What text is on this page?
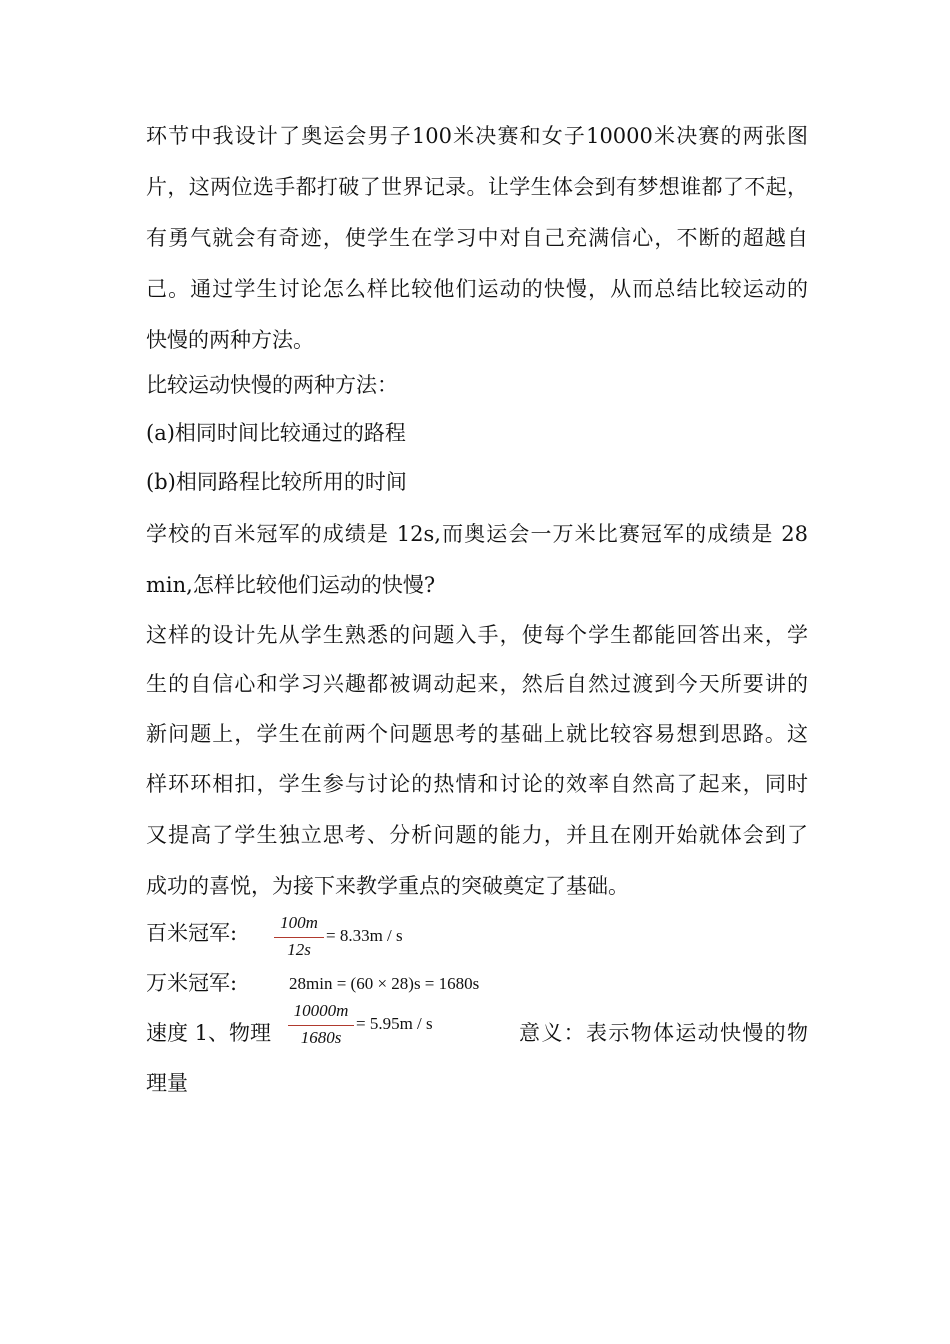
环节中我设计了奥运会男子100米决赛和女子10000米决赛的两张图
片，这两位选手都打破了世界记录。让学生体会到有梦想谁都了不起，
有勇气就会有奇迹，使学生在学习中对自己充满信心，不断的超越自
己。通过学生讨论怎么样比较他们运动的快慢，从而总结比较运动的
快慢的两种方法。
比较运动快慢的两种方法：
(a)相同时间比较通过的路程
(b)相同路程比较所用的时间
学校的百米冠军的成绩是 12s,而奥运会一万米比赛冠军的成绩是 28
min,怎样比较他们运动的快慢?
这样的设计先从学生熟悉的问题入手，使每个学生都能回答出来，学
生的自信心和学习兴趣都被调动起来，然后自然过渡到今天所要讲的
新问题上，学生在前两个问题思考的基础上就比较容易想到思路。这
样环环相扣，学生参与讨论的热情和讨论的效率自然高了起来，同时
又提高了学生独立思考、分析问题的能力，并且在刚开始就体会到了
成功的喜悦，为接下来教学重点的突破奠定了基础。
百米冠军:	100m
12s
= 8.33m / s
万米冠军:	28min = (60 × 28)s = 1680s
速度 1、物理
10000m
1680s
= 5.95m / s	意义：表示物体运动快慢的物
理量
